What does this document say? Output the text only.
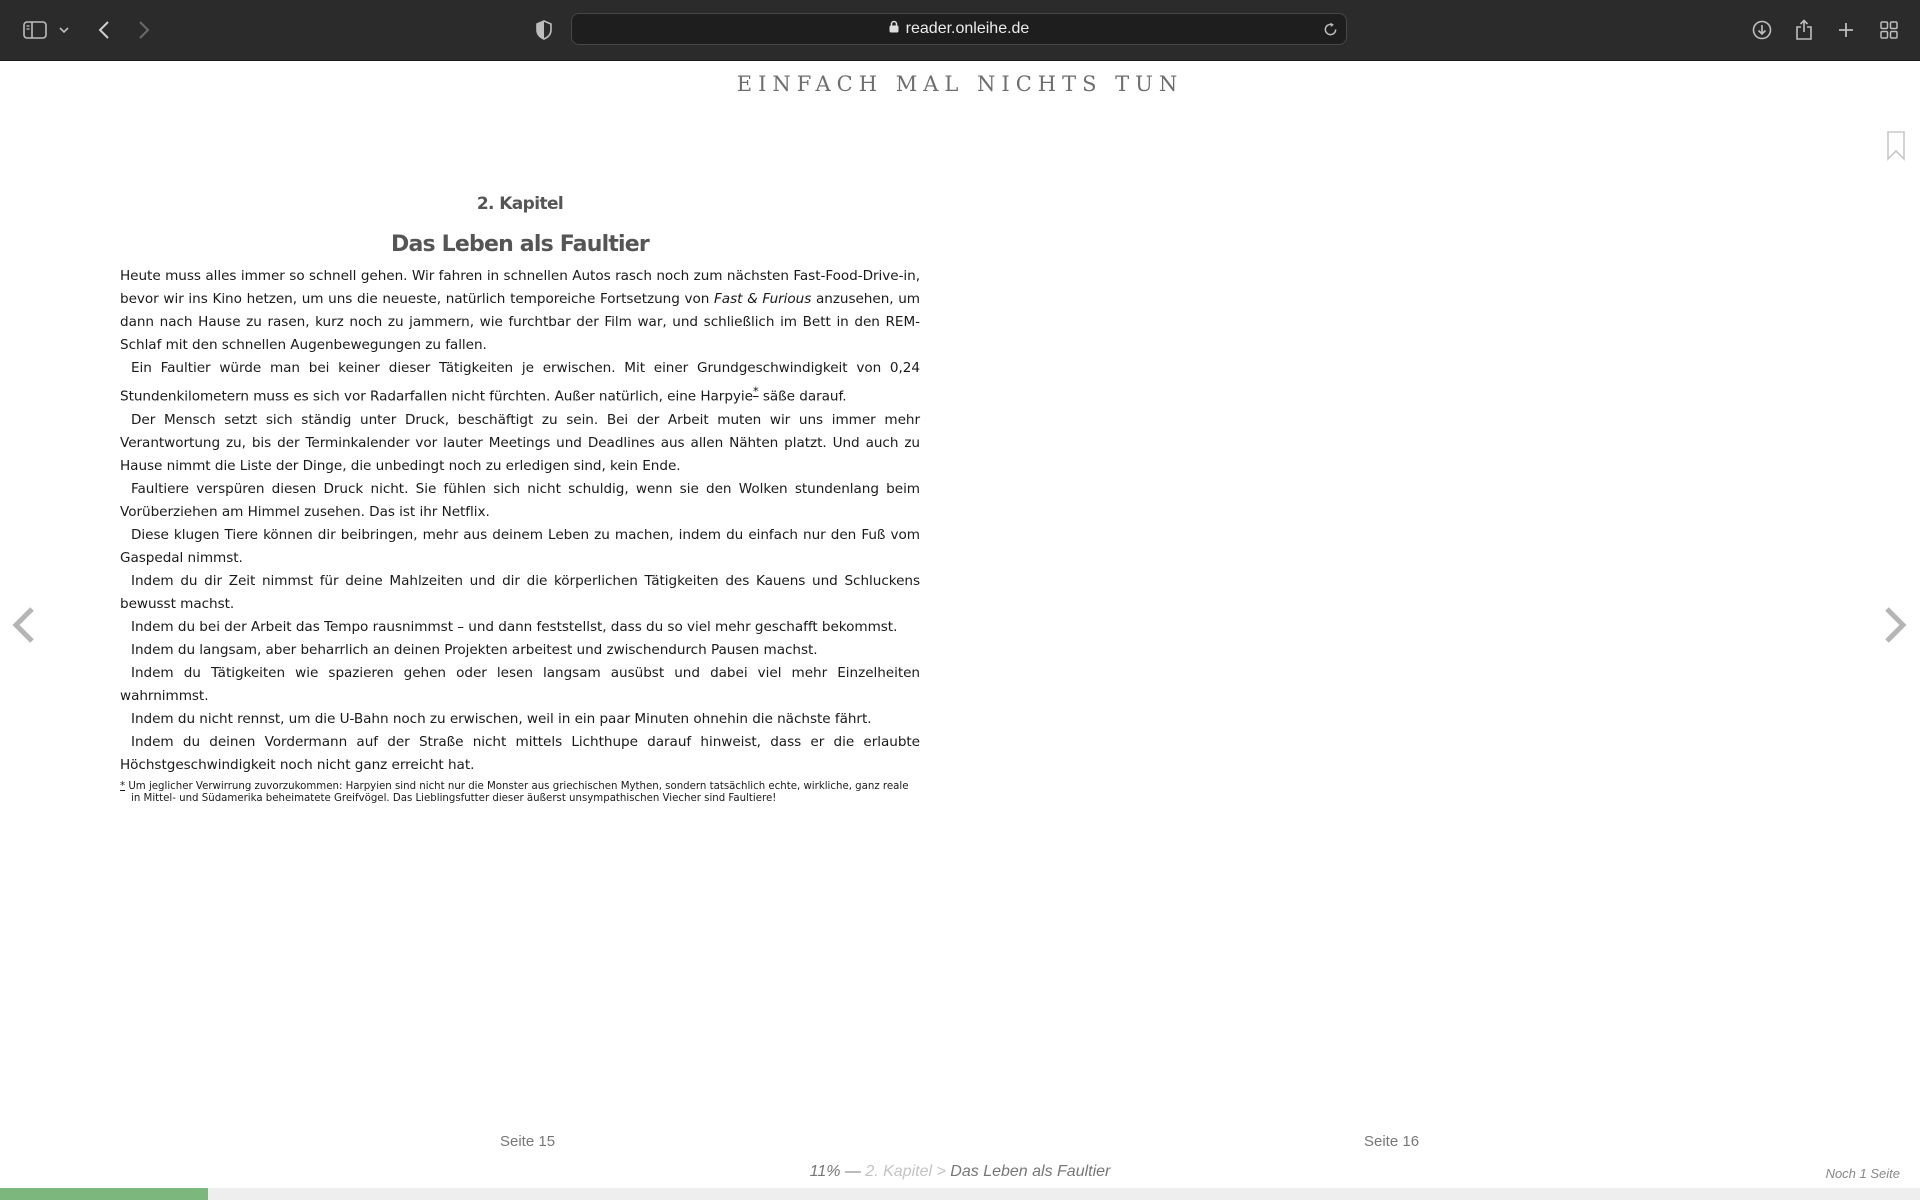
reader.onleihe.de
EINFACH MAL NICHTS TUN
2. Kapitel
Das Leben als Faultier

Heute muss alles immer so schnell gehen. Wir fahren in schnellen Autos rasch noch zum nächsten Fast-Food-Drive-in, bevor wir ins Kino hetzen, um uns die neueste, natürlich temporeiche Fortsetzung von Fast & Furious anzusehen, um dann nach Hause zu rasen, kurz noch zu jammern, wie furchtbar der Film war, und schließlich im Bett in den REM-Schlaf mit den schnellen Augenbewegungen zu fallen.

Ein Faultier würde man bei keiner dieser Tätigkeiten je erwischen. Mit einer Grundgeschwindigkeit von 0,24 Stundenkilometern muss es sich vor Radarfallen nicht fürchten. Außer natürlich, eine Harpyie* säße darauf.

Der Mensch setzt sich ständig unter Druck, beschäftigt zu sein. Bei der Arbeit muten wir uns immer mehr Verantwortung zu, bis der Terminkalender vor lauter Meetings und Deadlines aus allen Nähten platzt. Und auch zu Hause nimmt die Liste der Dinge, die unbedingt noch zu erledigen sind, kein Ende.

Faultiere verspüren diesen Druck nicht. Sie fühlen sich nicht schuldig, wenn sie den Wolken stundenlang beim Vorüberziehen am Himmel zusehen. Das ist ihr Netflix.

Diese klugen Tiere können dir beibringen, mehr aus deinem Leben zu machen, indem du einfach nur den Fuß vom Gaspedal nimmst.

Indem du dir Zeit nimmst für deine Mahlzeiten und dir die körperlichen Tätigkeiten des Kauens und Schluckens bewusst machst.

Indem du bei der Arbeit das Tempo rausnimmst – und dann feststellst, dass du so viel mehr geschafft bekommst.

Indem du langsam, aber beharrlich an deinen Projekten arbeitest und zwischendurch Pausen machst.

Indem du Tätigkeiten wie spazieren gehen oder lesen langsam ausübst und dabei viel mehr Einzelheiten wahrnimmst.

Indem du nicht rennst, um die U-Bahn noch zu erwischen, weil in ein paar Minuten ohnehin die nächste fährt.

Indem du deinen Vordermann auf der Straße nicht mittels Lichthupe darauf hinweist, dass er die erlaubte Höchstgeschwindigkeit noch nicht ganz erreicht hat.

* Um jeglicher Verwirrung zuvorzukommen: Harpyien sind nicht nur die Monster aus griechischen Mythen, sondern tatsächlich echte, wirkliche, ganz reale in Mittel- und Südamerika beheimatete Greifvögel. Das Lieblingsfutter dieser äußerst unsympathischen Viecher sind Faultiere!
Seite 15	Seite 16
11% — 2. Kapitel > Das Leben als Faultier	Noch 1 Seite
